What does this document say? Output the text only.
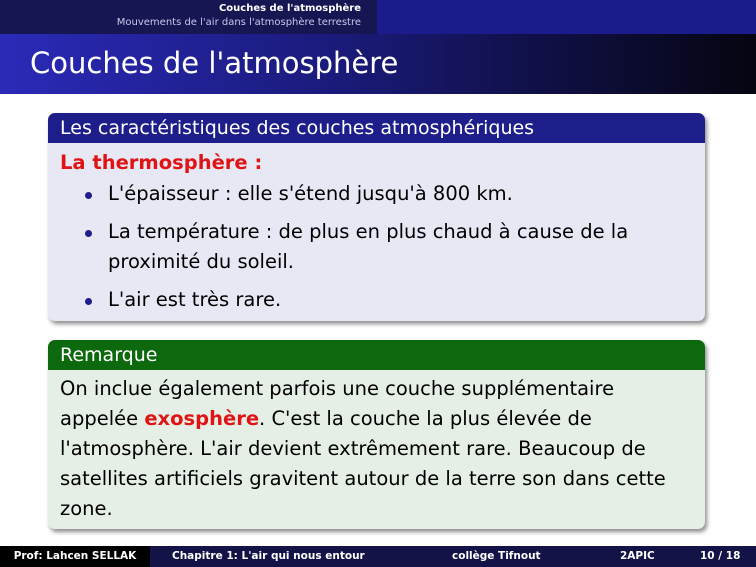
Couches de l'atmosphère
Mouvements de l'air dans l'atmosphère terrestre
Couches de l'atmosphère
Les caractéristiques des couches atmosphériques
La thermosphère :
L'épaisseur : elle s'étend jusqu'à 800 km.
La température : de plus en plus chaud à cause de la proximité du soleil.
L'air est très rare.
Remarque
On inclue également parfois une couche supplémentaire appelée exosphère. C'est la couche la plus élevée de l'atmosphère. L'air devient extrêmement rare. Beaucoup de satellites artificiels gravitent autour de la terre son dans cette zone.
Prof: Lahcen SELLAK	Chapitre 1: L'air qui nous entour	collège Tifnout	2APIC	10 / 18
